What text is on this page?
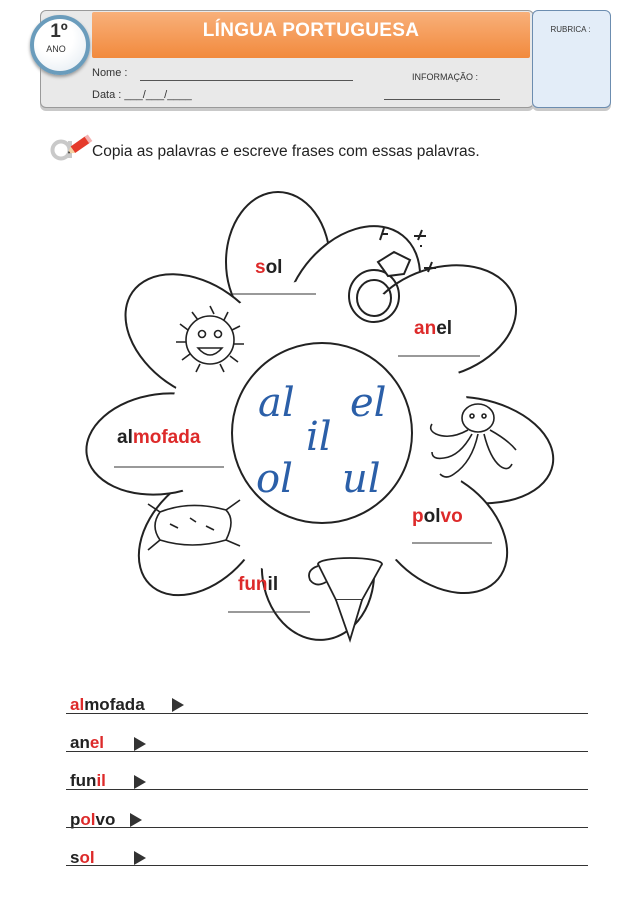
LÍNGUA PORTUGUESA
1º
ANO
RUBRICA :
Nome :
Data : ___/___/____
INFORMAÇÃO :
Copia as palavras e escreve frases com essas palavras.
al el
il
ol ul
sol
anel
almofada
polvo
funil
almofada
anel
funil
polvo
sol
